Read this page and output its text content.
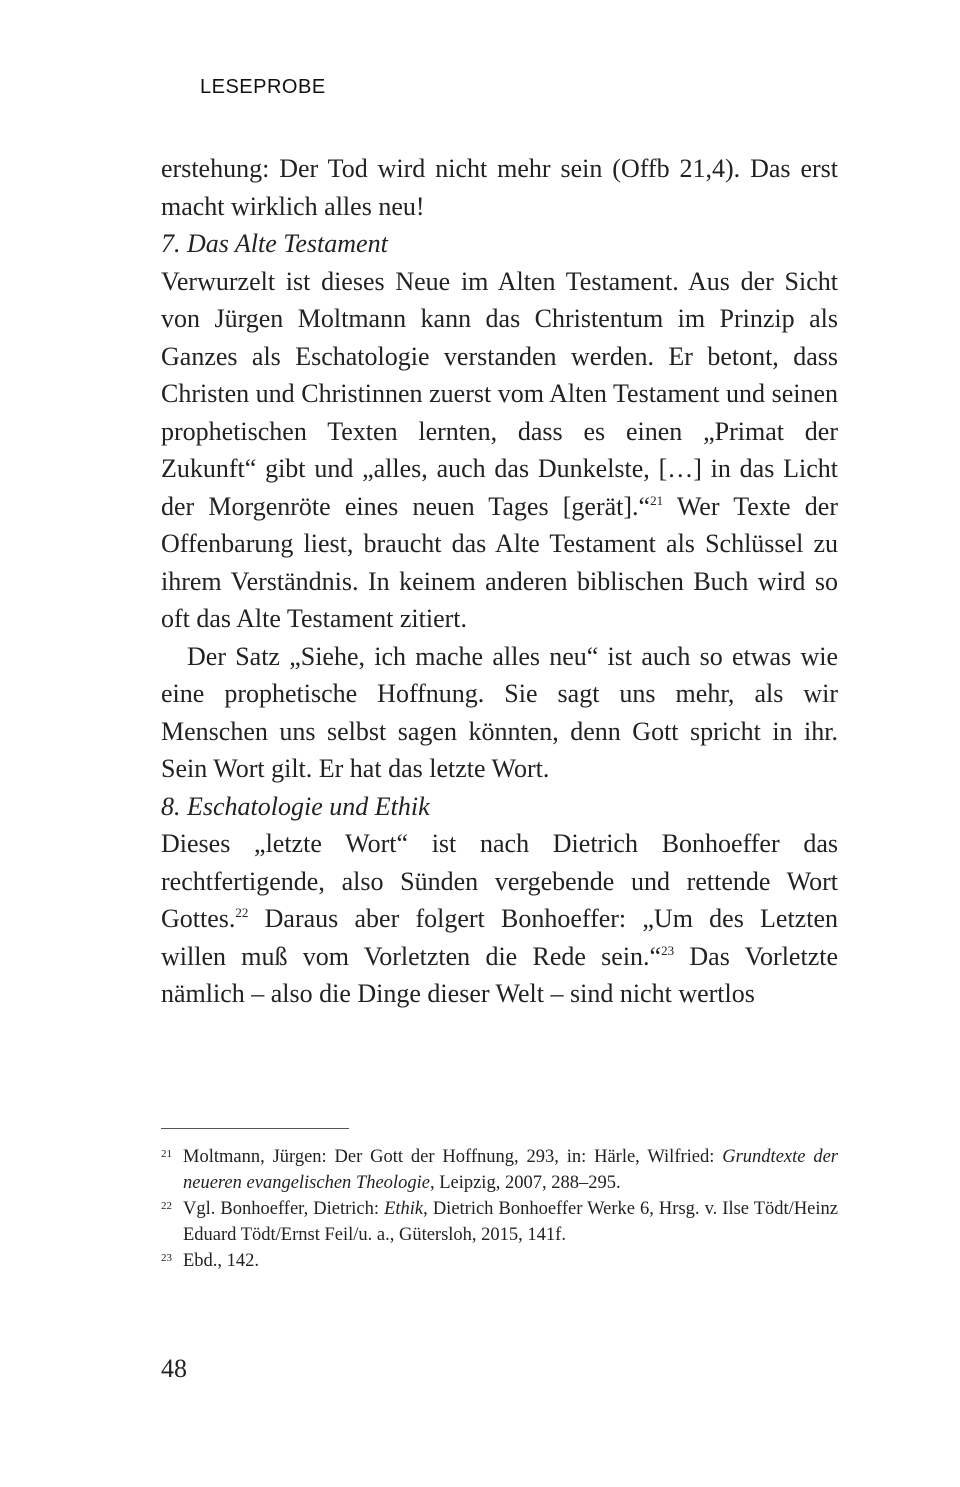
LESEPROBE

erstehung: Der Tod wird nicht mehr sein (Offb 21,4). Das erst macht wirklich alles neu!

7. Das Alte Testament

Verwurzelt ist dieses Neue im Alten Testament. Aus der Sicht von Jürgen Moltmann kann das Christentum im Prinzip als Ganzes als Eschatologie verstanden werden. Er betont, dass Christen und Christinnen zuerst vom Alten Testament und seinen prophetischen Texten lernten, dass es einen „Primat der Zukunft“ gibt und „alles, auch das Dunkelste, […] in das Licht der Morgenröte eines neuen Tages [gerät].“$^{21}$ Wer Texte der Offenbarung liest, braucht das Alte Testament als Schlüssel zu ihrem Verständnis. In keinem anderen biblischen Buch wird so oft das Alte Testament zitiert.

Der Satz „Siehe, ich mache alles neu“ ist auch so etwas wie eine prophetische Hoffnung. Sie sagt uns mehr, als wir Menschen uns selbst sagen könnten, denn Gott spricht in ihr. Sein Wort gilt. Er hat das letzte Wort.

8. Eschatologie und Ethik

Dieses „letzte Wort“ ist nach Dietrich Bonhoeffer das rechtfertigende, also Sünden vergebende und rettende Wort Gottes.$^{22}$ Daraus aber folgert Bonhoeffer: „Um des Letzten willen muß vom Vorletzten die Rede sein.“$^{23}$ Das Vorletzte nämlich – also die Dinge dieser Welt – sind nicht wertlos

21 Moltmann, Jürgen: Der Gott der Hoffnung, 293, in: Härle, Wilfried: Grundtexte der neueren evangelischen Theologie, Leipzig, 2007, 288–295.
22 Vgl. Bonhoeffer, Dietrich: Ethik, Dietrich Bonhoeffer Werke 6, Hrsg. v. Ilse Tödt/Heinz Eduard Tödt/Ernst Feil/u. a., Gütersloh, 2015, 141f.
23 Ebd., 142.
48
